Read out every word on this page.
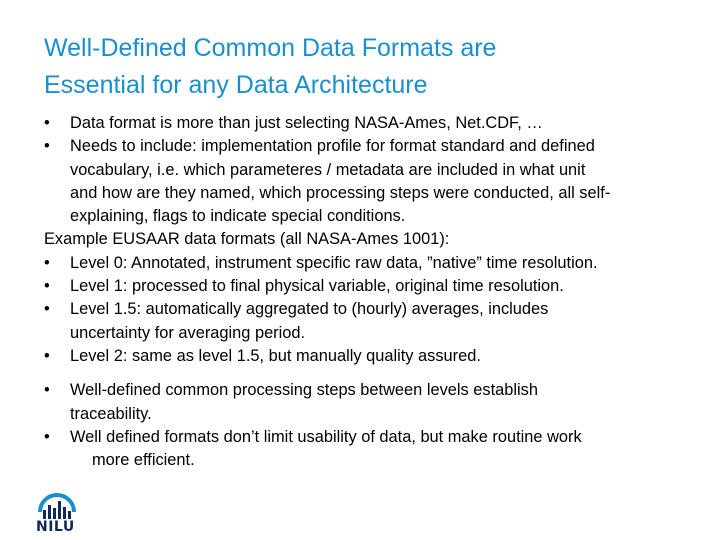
Well-Defined Common Data Formats are
Essential for any Data Architecture
• Data format is more than just selecting NASA-Ames, Net.CDF, …
• Needs to include: implementation profile for format standard and defined
vocabulary, i.e. which parameteres / metadata are included in what unit
and how are they named, which processing steps were conducted, all self-
explaining, flags to indicate special conditions.
Example EUSAAR data formats (all NASA-Ames 1001):
• Level 0: Annotated, instrument specific raw data, ”native” time resolution.
• Level 1: processed to final physical variable, original time resolution.
• Level 1.5: automatically aggregated to (hourly) averages, includes
uncertainty for averaging period.
• Level 2: same as level 1.5, but manually quality assured.
• Well-defined common processing steps between levels establish
traceability.
• Well defined formats don’t limit usability of data, but make routine work
more efficient.
NILU
